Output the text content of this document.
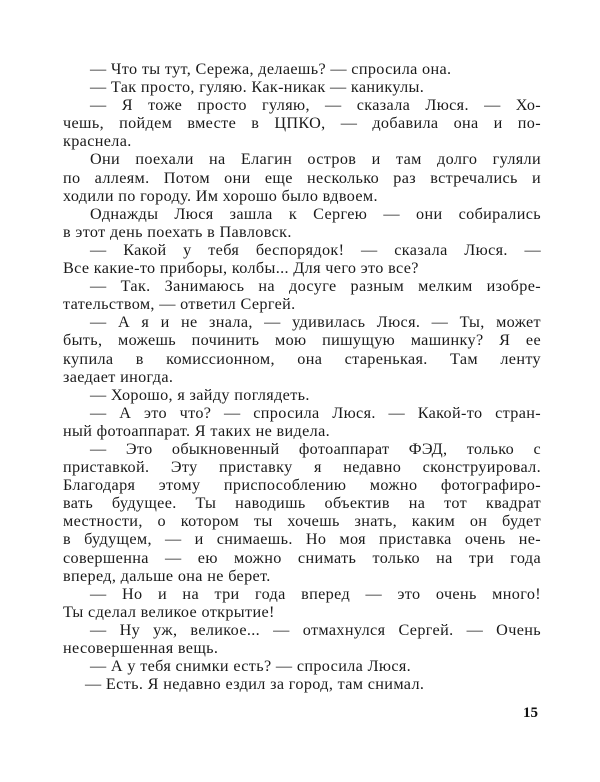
— Что ты тут, Сережа, делаешь? — спросила она.
— Так просто, гуляю. Как-никак — каникулы.
— Я тоже просто гуляю, — сказала Люся. — Хо-
чешь, пойдем вместе в ЦПКО, — добавила она и по-
краснела.
Они поехали на Елагин остров и там долго гуляли
по аллеям. Потом они еще несколько раз встречались и
ходили по городу. Им хорошо было вдвоем.
Однажды Люся зашла к Сергею — они собирались
в этот день поехать в Павловск.
— Какой у тебя беспорядок! — сказала Люся. —
Все какие-то приборы, колбы... Для чего это все?
— Так. Занимаюсь на досуге разным мелким изобре-
тательством, — ответил Сергей.
— А я и не знала, — удивилась Люся. — Ты, может
быть, можешь починить мою пишущую машинку? Я ее
купила в комиссионном, она старенькая. Там ленту
заедает иногда.
— Хорошо, я зайду поглядеть.
— А это что? — спросила Люся. — Какой-то стран-
ный фотоаппарат. Я таких не видела.
— Это обыкновенный фотоаппарат ФЭД, только с
приставкой. Эту приставку я недавно сконструировал.
Благодаря этому приспособлению можно фотографиро-
вать будущее. Ты наводишь объектив на тот квадрат
местности, о котором ты хочешь знать, каким он будет
в будущем, — и снимаешь. Но моя приставка очень не-
совершенна — ею можно снимать только на три года
вперед, дальше она не берет.
— Но и на три года вперед — это очень много!
Ты сделал великое открытие!
— Ну уж, великое... — отмахнулся Сергей. — Очень
несовершенная вещь.
— А у тебя снимки есть? — спросила Люся.
— Есть. Я недавно ездил за город, там снимал.
15
